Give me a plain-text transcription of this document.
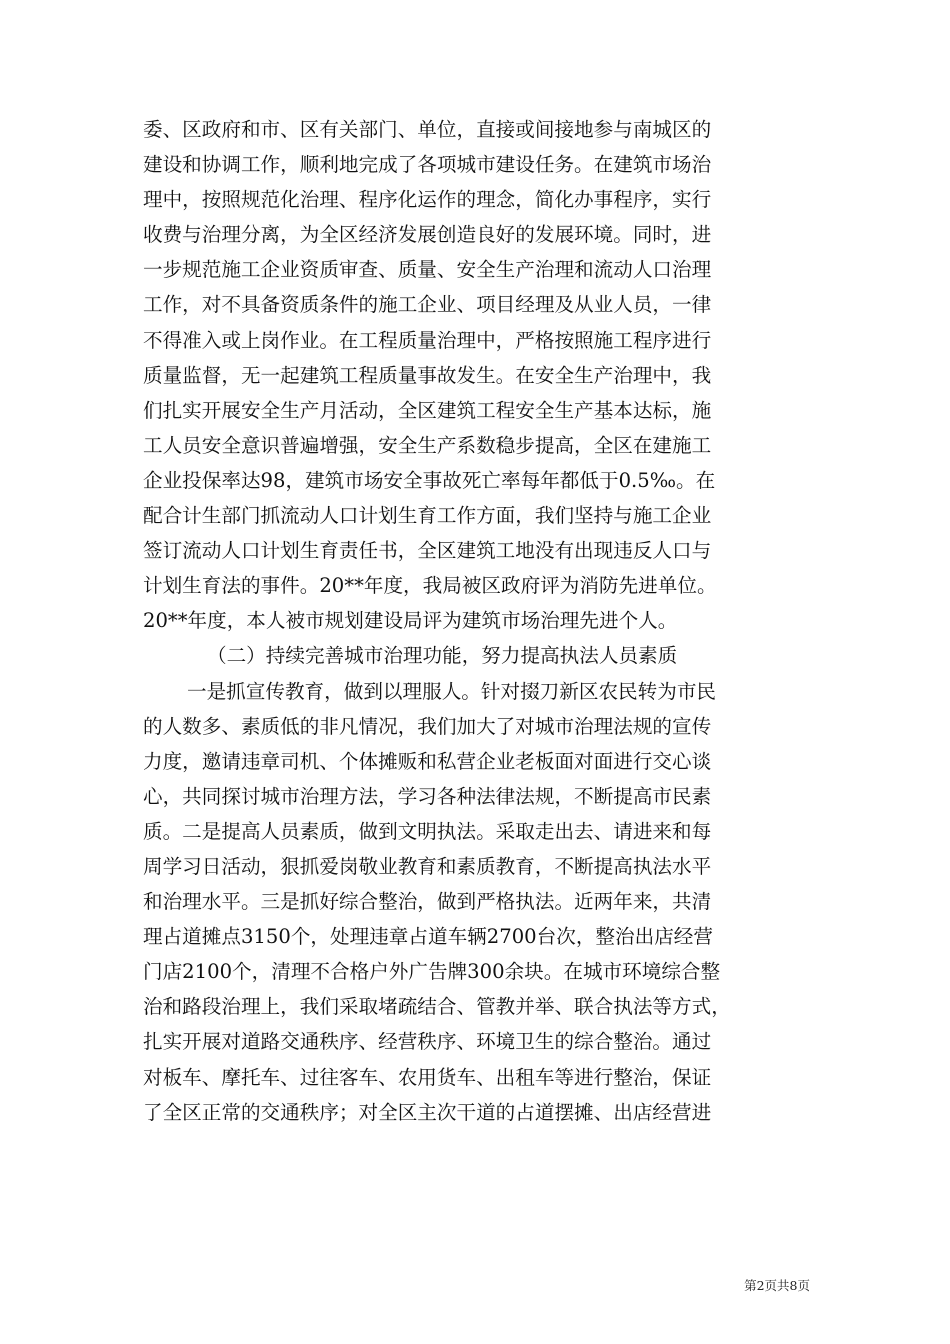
委、区政府和市、区有关部门、单位，直接或间接地参与南城区的
建设和协调工作，顺利地完成了各项城市建设任务。在建筑市场治
理中，按照规范化治理、程序化运作的理念，简化办事程序，实行
收费与治理分离，为全区经济发展创造良好的发展环境。同时，进
一步规范施工企业资质审查、质量、安全生产治理和流动人口治理
工作，对不具备资质条件的施工企业、项目经理及从业人员，一律
不得准入或上岗作业。在工程质量治理中，严格按照施工程序进行
质量监督，无一起建筑工程质量事故发生。在安全生产治理中，我
们扎实开展安全生产月活动，全区建筑工程安全生产基本达标，施
工人员安全意识普遍增强，安全生产系数稳步提高，全区在建施工
企业投保率达98，建筑市场安全事故死亡率每年都低于0.5‰。在
配合计生部门抓流动人口计划生育工作方面，我们坚持与施工企业
签订流动人口计划生育责任书，全区建筑工地没有出现违反人口与
计划生育法的事件。20**年度，我局被区政府评为消防先进单位。
20**年度，本人被市规划建设局评为建筑市场治理先进个人。
（二）持续完善城市治理功能，努力提高执法人员素质
一是抓宣传教育，做到以理服人。针对掇刀新区农民转为市民
的人数多、素质低的非凡情况，我们加大了对城市治理法规的宣传
力度，邀请违章司机、个体摊贩和私营企业老板面对面进行交心谈
心，共同探讨城市治理方法，学习各种法律法规，不断提高市民素
质。二是提高人员素质，做到文明执法。采取走出去、请进来和每
周学习日活动，狠抓爱岗敬业教育和素质教育，不断提高执法水平
和治理水平。三是抓好综合整治，做到严格执法。近两年来，共清
理占道摊点3150个，处理违章占道车辆2700台次，整治出店经营
门店2100个，清理不合格户外广告牌300余块。在城市环境综合整
治和路段治理上，我们采取堵疏结合、管教并举、联合执法等方式，
扎实开展对道路交通秩序、经营秩序、环境卫生的综合整治。通过
对板车、摩托车、过往客车、农用货车、出租车等进行整治，保证
了全区正常的交通秩序；对全区主次干道的占道摆摊、出店经营进
第2页共8页
